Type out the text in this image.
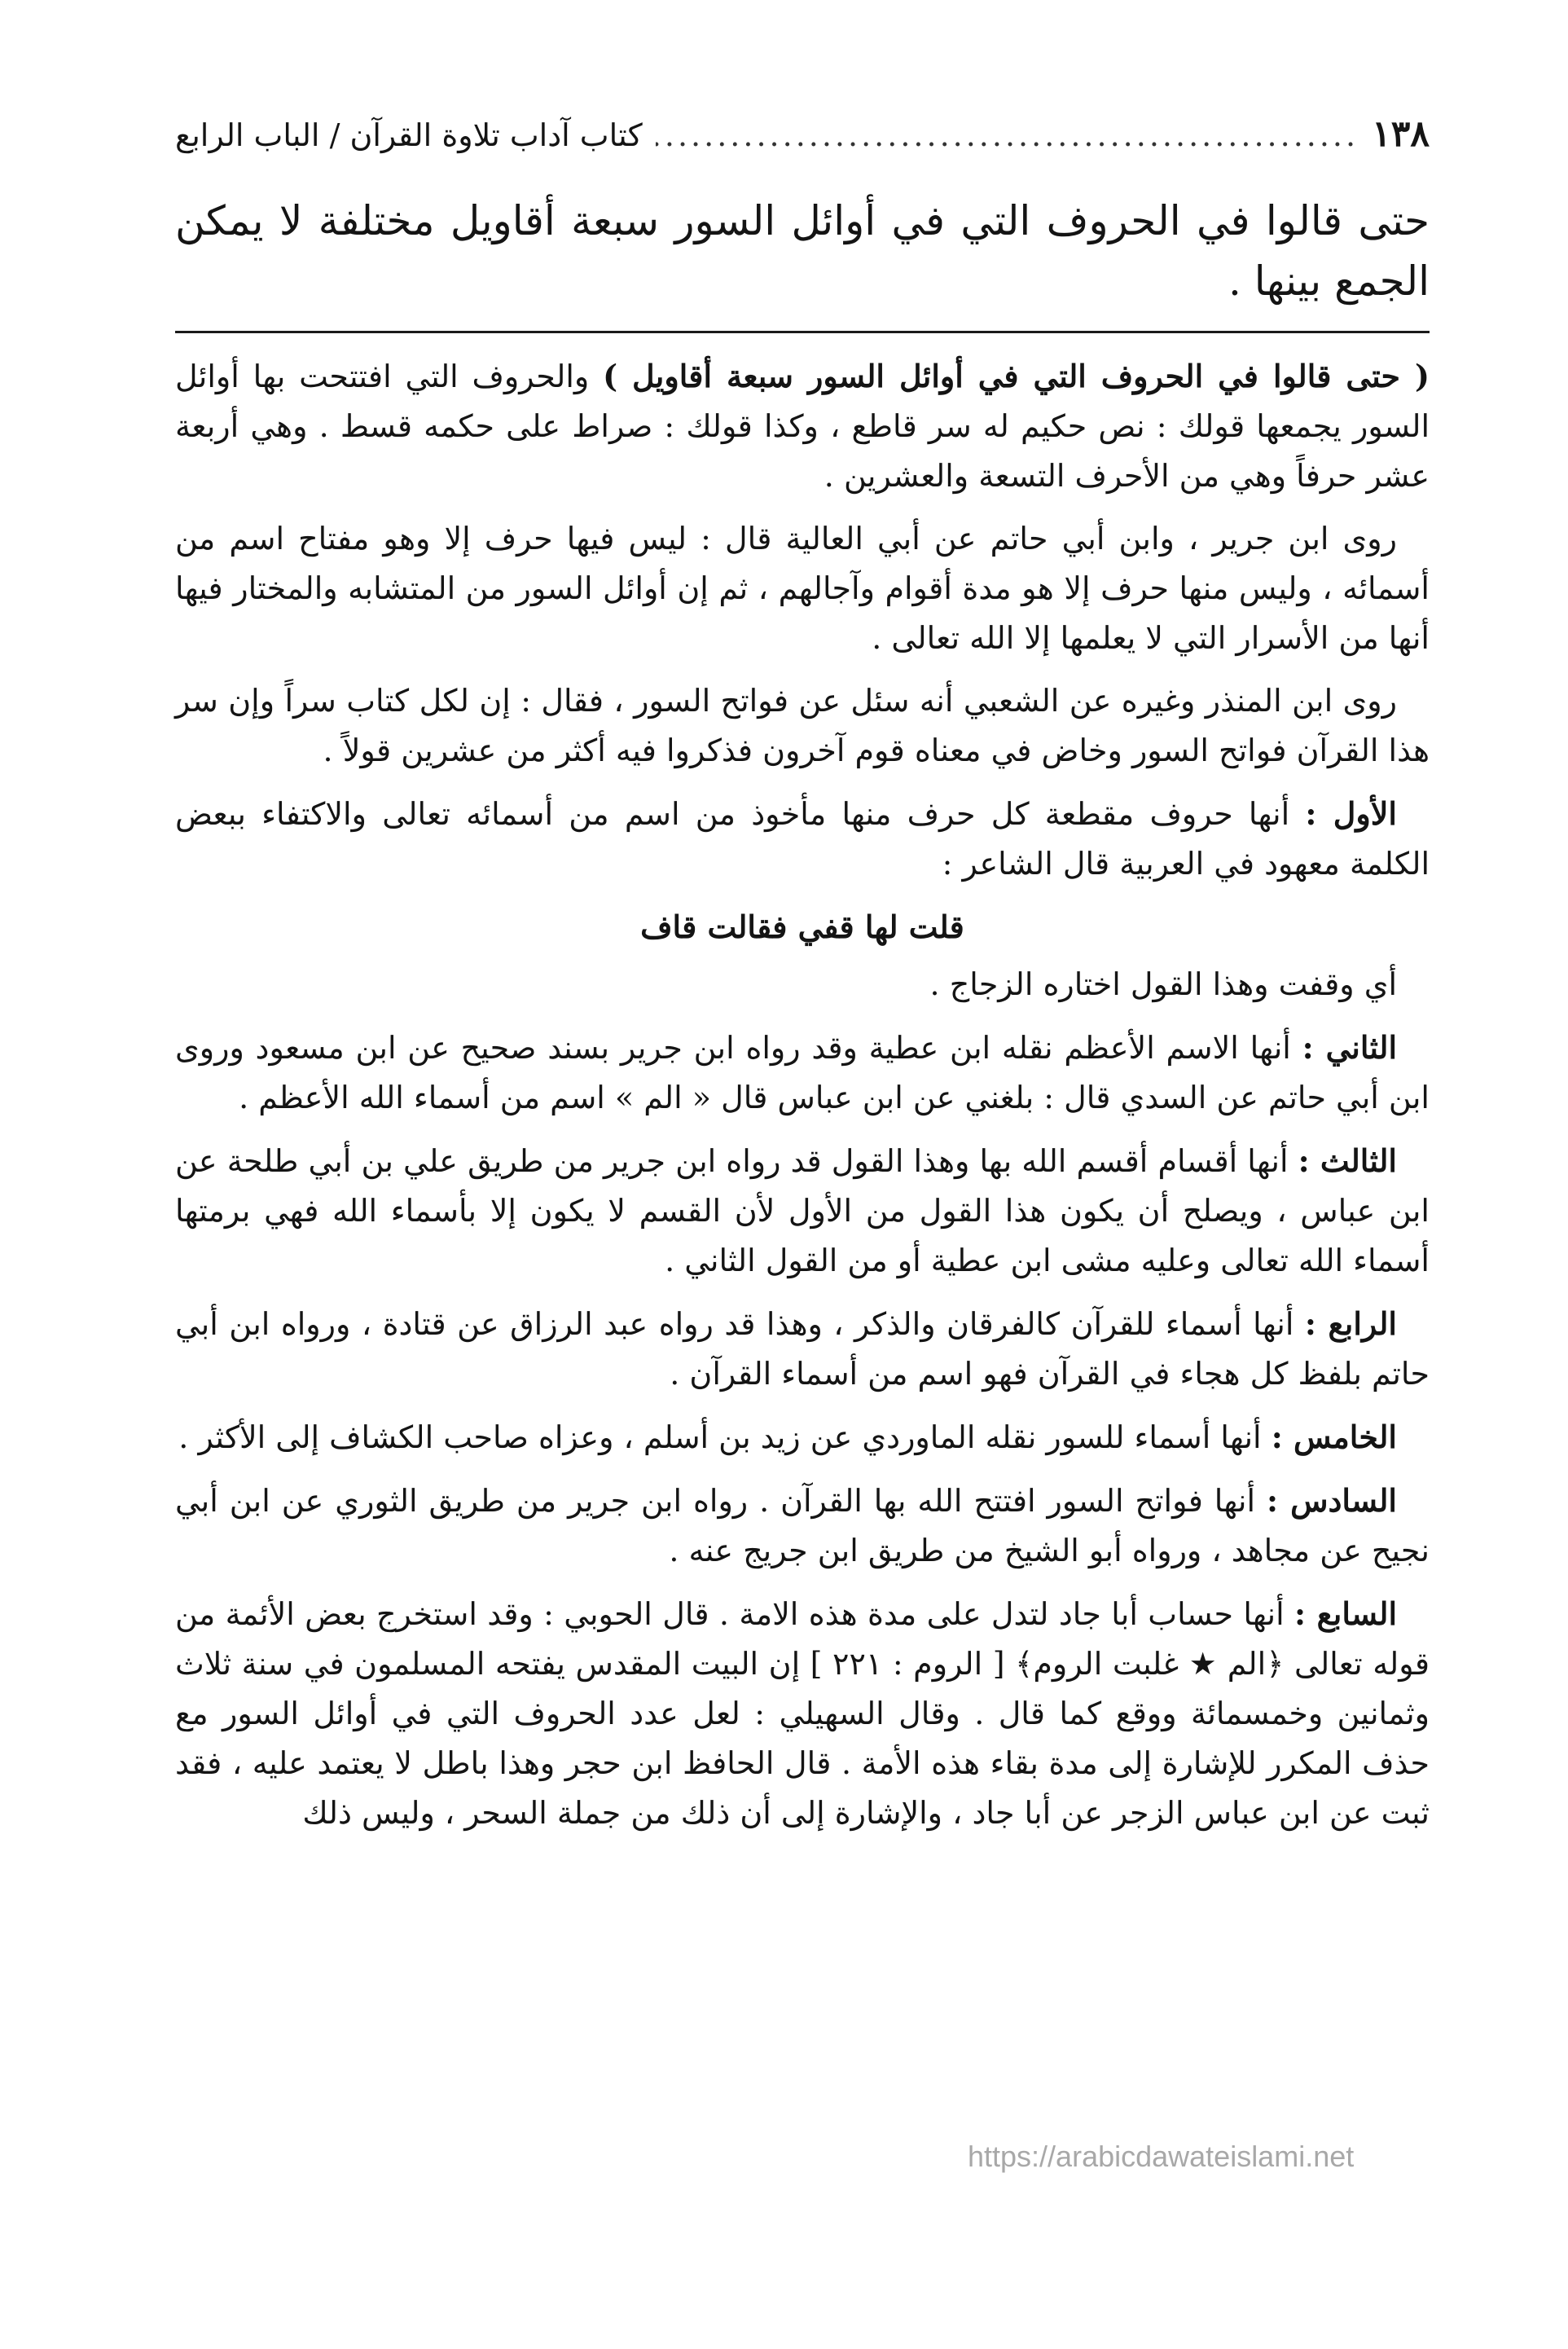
١٣٨
.....
كتاب آداب تلاوة القرآن / الباب الرابع
حتى قالوا في الحروف التي في أوائل السور سبعة أقاويل مختلفة لا يمكن الجمع بينها .

( حتى قالوا في الحروف التي في أوائل السور سبعة أقاويل ) والحروف التي افتتحت بها أوائل السور يجمعها قولك : نص حكيم له سر قاطع ، وكذا قولك : صراط على حكمه قسط . وهي أربعة عشر حرفاً وهي من الأحرف التسعة والعشرين .

روى ابن جرير ، وابن أبي حاتم عن أبي العالية قال : ليس فيها حرف إلا وهو مفتاح اسم من أسمائه ، وليس منها حرف إلا هو مدة أقوام وآجالهم ، ثم إن أوائل السور من المتشابه والمختار فيها أنها من الأسرار التي لا يعلمها إلا الله تعالى .

روى ابن المنذر وغيره عن الشعبي أنه سئل عن فواتح السور ، فقال : إن لكل كتاب سراً وإن سر هذا القرآن فواتح السور وخاض في معناه قوم آخرون فذكروا فيه أكثر من عشرين قولاً .

الأول : أنها حروف مقطعة كل حرف منها مأخوذ من اسم من أسمائه تعالى والاكتفاء ببعض الكلمة معهود في العربية قال الشاعر :

قلت لها قفي فقالت قاف

أي وقفت وهذا القول اختاره الزجاج .

الثاني : أنها الاسم الأعظم نقله ابن عطية وقد رواه ابن جرير بسند صحيح عن ابن مسعود وروى ابن أبي حاتم عن السدي قال : بلغني عن ابن عباس قال « الم » اسم من أسماء الله الأعظم .

الثالث : أنها أقسام أقسم الله بها وهذا القول قد رواه ابن جرير من طريق علي بن أبي طلحة عن ابن عباس ، ويصلح أن يكون هذا القول من الأول لأن القسم لا يكون إلا بأسماء الله فهي برمتها أسماء الله تعالى وعليه مشى ابن عطية أو من القول الثاني .

الرابع : أنها أسماء للقرآن كالفرقان والذكر ، وهذا قد رواه عبد الرزاق عن قتادة ، ورواه ابن أبي حاتم بلفظ كل هجاء في القرآن فهو اسم من أسماء القرآن .

الخامس : أنها أسماء للسور نقله الماوردي عن زيد بن أسلم ، وعزاه صاحب الكشاف إلى الأكثر .

السادس : أنها فواتح السور افتتح الله بها القرآن . رواه ابن جرير من طريق الثوري عن ابن أبي نجيح عن مجاهد ، ورواه أبو الشيخ من طريق ابن جريج عنه .

السابع : أنها حساب أبا جاد لتدل على مدة هذه الامة . قال الحوبي : وقد استخرج بعض الأئمة من قوله تعالى ﴿الم ★ غلبت الروم﴾ [ الروم : ٢٢١ ] إن البيت المقدس يفتحه المسلمون في سنة ثلاث وثمانين وخمسمائة ووقع كما قال . وقال السهيلي : لعل عدد الحروف التي في أوائل السور مع حذف المكرر للإشارة إلى مدة بقاء هذه الأمة . قال الحافظ ابن حجر وهذا باطل لا يعتمد عليه ، فقد ثبت عن ابن عباس الزجر عن أبا جاد ، والإشارة إلى أن ذلك من جملة السحر ، وليس ذلك

https://arabicdawateislami.net
